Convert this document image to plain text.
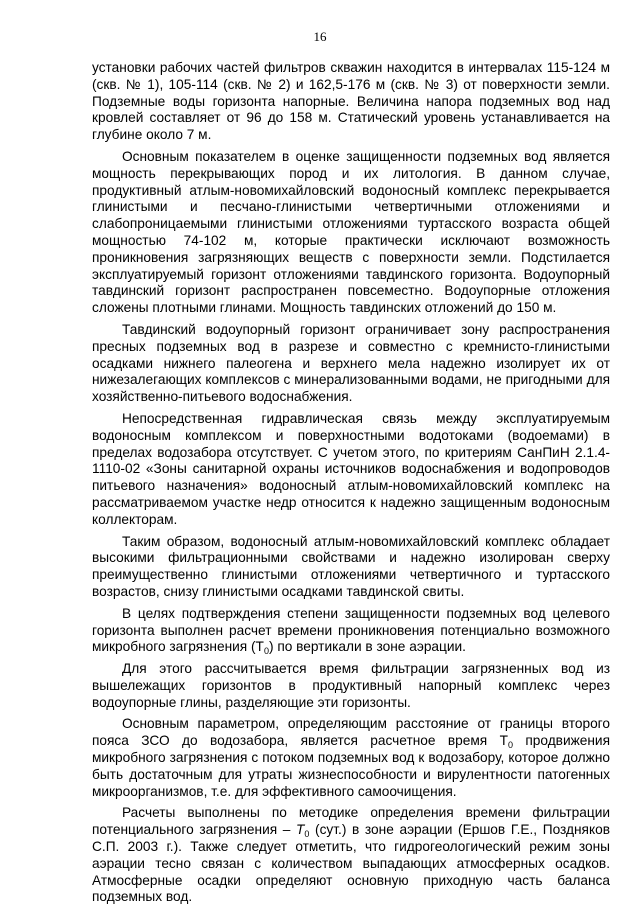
16

установки рабочих частей фильтров скважин находится в интервалах 115-124 м (скв. № 1), 105-114 (скв. № 2) и 162,5-176 м (скв. № 3) от поверхности земли. Подземные воды горизонта напорные. Величина напора подземных вод над кровлей составляет от 96 до 158 м. Статический уровень устанавливается на глубине около 7 м.

Основным показателем в оценке защищенности подземных вод является мощность перекрывающих пород и их литология. В данном случае, продуктивный атлым-новомихайловский водоносный комплекс перекрывается глинистыми и песчано-глинистыми четвертичными отложениями и слабопроницаемыми глинистыми отложениями туртасского возраста общей мощностью 74-102 м, которые практически исключают возможность проникновения загрязняющих веществ с поверхности земли. Подстилается эксплуатируемый горизонт отложениями тавдинского горизонта. Водоупорный тавдинский горизонт распространен повсеместно. Водоупорные отложения сложены плотными глинами. Мощность тавдинских отложений до 150 м.

Тавдинский водоупорный горизонт ограничивает зону распространения пресных подземных вод в разрезе и совместно с кремнисто-глинистыми осадками нижнего палеогена и верхнего мела надежно изолирует их от нижезалегающих комплексов с минерализованными водами, не пригодными для хозяйственно-питьевого водоснабжения.

Непосредственная гидравлическая связь между эксплуатируемым водоносным комплексом и поверхностными водотоками (водоемами) в пределах водозабора отсутствует. С учетом этого, по критериям СанПиН 2.1.4-1110-02 «Зоны санитарной охраны источников водоснабжения и водопроводов питьевого назначения» водоносный атлым-новомихайловский комплекс на рассматриваемом участке недр относится к надежно защищенным водоносным коллекторам.

Таким образом, водоносный атлым-новомихайловский комплекс обладает высокими фильтрационными свойствами и надежно изолирован сверху преимущественно глинистыми отложениями четвертичного и туртасского возрастов, снизу глинистыми осадками тавдинской свиты.

В целях подтверждения степени защищенности подземных вод целевого горизонта выполнен расчет времени проникновения потенциально возможного микробного загрязнения $(Т_0)$ по вертикали в зоне аэрации.

Для этого рассчитывается время фильтрации загрязненных вод из вышележащих горизонтов в продуктивный напорный комплекс через водоупорные глины, разделяющие эти горизонты.

Основным параметром, определяющим расстояние от границы второго пояса ЗСО до водозабора, является расчетное время $Т_0$ продвижения микробного загрязнения с потоком подземных вод к водозабору, которое должно быть достаточным для утраты жизнеспособности и вирулентности патогенных микроорганизмов, т.е. для эффективного самоочищения.

Расчеты выполнены по методике определения времени фильтрации потенциального загрязнения – $T_0$ (сут.) в зоне аэрации (Ершов Г.Е., Поздняков С.П. 2003 г.). Также следует отметить, что гидрогеологический режим зоны аэрации тесно связан с количеством выпадающих атмосферных осадков. Атмосферные осадки определяют основную приходную часть баланса подземных вод.
